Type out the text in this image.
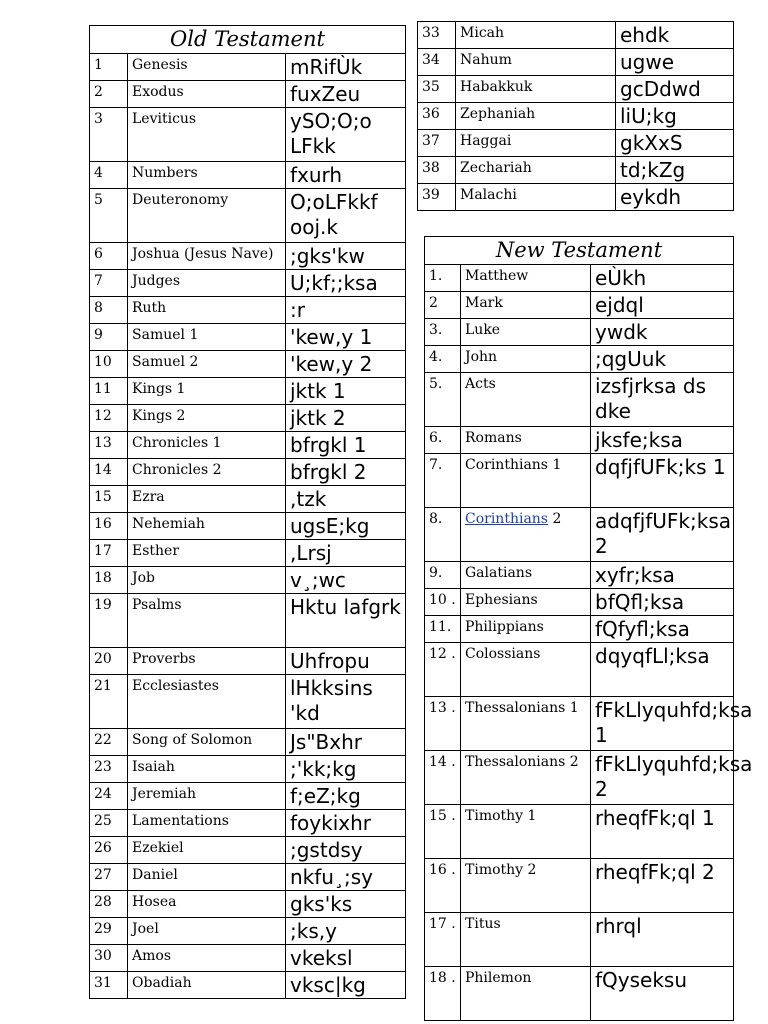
Old Testament		
1	Genesis	mRifÙk
2	Exodus	fuxZeu
3	Leviticus	ySO;O;o LFkk
4	Numbers	fxurh
5	Deuteronomy	O;oLFkkf ooj.k
6	Joshua (Jesus Nave)	;gks'kw
7	Judges	U;kf;;ksa
8	Ruth	:r
9	Samuel 1	'kew,y 1
10	Samuel 2	'kew,y 2
11	Kings 1	jktk 1
12	Kings 2	jktk 2
13	Chronicles 1	bfrgkl 1
14	Chronicles 2	bfrgkl 2
15	Ezra	,tzk
16	Nehemiah	ugsE;kg
17	Esther	,Lrsj
18	Job	v¸;wc
19	Psalms	Hktu lafgrk
20	Proverbs	Uhfropu
21	Ecclesiastes	lHkksins 'kd
22	Song of Solomon	Js"Bxhr
23	Isaiah	;'kk;kg
24	Jeremiah	f;eZ;kg
25	Lamentations	foykixhr
26	Ezekiel	;gstdsy
27	Daniel	nkfu¸;sy
28	Hosea	gks'ks
29	Joel	;ks,y
30	Amos	vkeksl
31	Obadiah	vksc|kg
33	Micah	ehdk
34	Nahum	ugwe
35	Habakkuk	gcDdwd
36	Zephaniah	liU;kg
37	Haggai	gkXxS
38	Zechariah	td;kZg
39	Malachi	eykdh
New Testament		
1.	Matthew	eÙkh
2	Mark	ejdql
3.	Luke	ywdk
4.	John	;qgUuk
5.	Acts	izsfjrksa ds dke
6.	Romans	jksfe;ksa
7.	Corinthians 1	dqfjfUFk;ks 1
8.	Corinthians 2	adqfjfUFk;ksa 2
9.	Galatians	xyfr;ksa
10 .	Ephesians	bfQfl;ksa
11.	Philippians	fQfyfl;ksa
12 .	Colossians	dqyqfLl;ksa
13 .	Thessalonians 1	fFkLlyquhfd;ksa 1
14 .	Thessalonians 2	fFkLlyquhfd;ksa 2
15 .	Timothy 1	rheqfFk;ql 1
16 .	Timothy 2	rheqfFk;ql 2
17 .	Titus	rhrql
18 .	Philemon	fQyseksu
